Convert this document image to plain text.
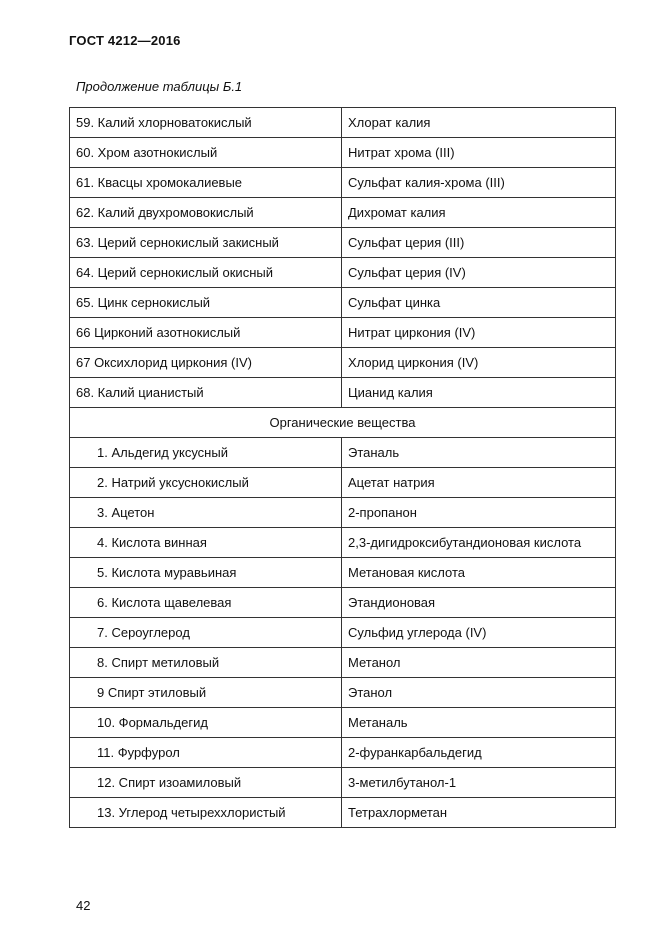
ГОСТ 4212—2016
Продолжение таблицы Б.1
59. Калий хлорноватокислый	Хлорат калия
60. Хром азотнокислый	Нитрат хрома (III)
61. Квасцы хромокалиевые	Сульфат калия-хрома (III)
62. Калий двухромовокислый	Дихромат калия
63. Церий сернокислый закисный	Сульфат церия (III)
64. Церий сернокислый окисный	Сульфат церия (IV)
65. Цинк сернокислый	Сульфат цинка
66 Цирконий азотнокислый	Нитрат циркония (IV)
67 Оксихлорид циркония (IV)	Хлорид циркония (IV)
68. Калий цианистый	Цианид калия
Органические вещества	
1. Альдегид уксусный	Этаналь
2. Натрий уксуснокислый	Ацетат натрия
3. Ацетон	2-пропанон
4. Кислота винная	2,3-дигидроксибутандионовая кислота
5. Кислота муравьиная	Метановая кислота
6. Кислота щавелевая	Этандионовая
7. Сероуглерод	Сульфид углерода (IV)
8. Спирт метиловый	Метанол
9 Спирт этиловый	Этанол
10. Формальдегид	Метаналь
11. Фурфурол	2-фуранкарбальдегид
12. Спирт изоамиловый	3-метилбутанол-1
13. Углерод четыреххлористый	Тетрахлорметан
42
